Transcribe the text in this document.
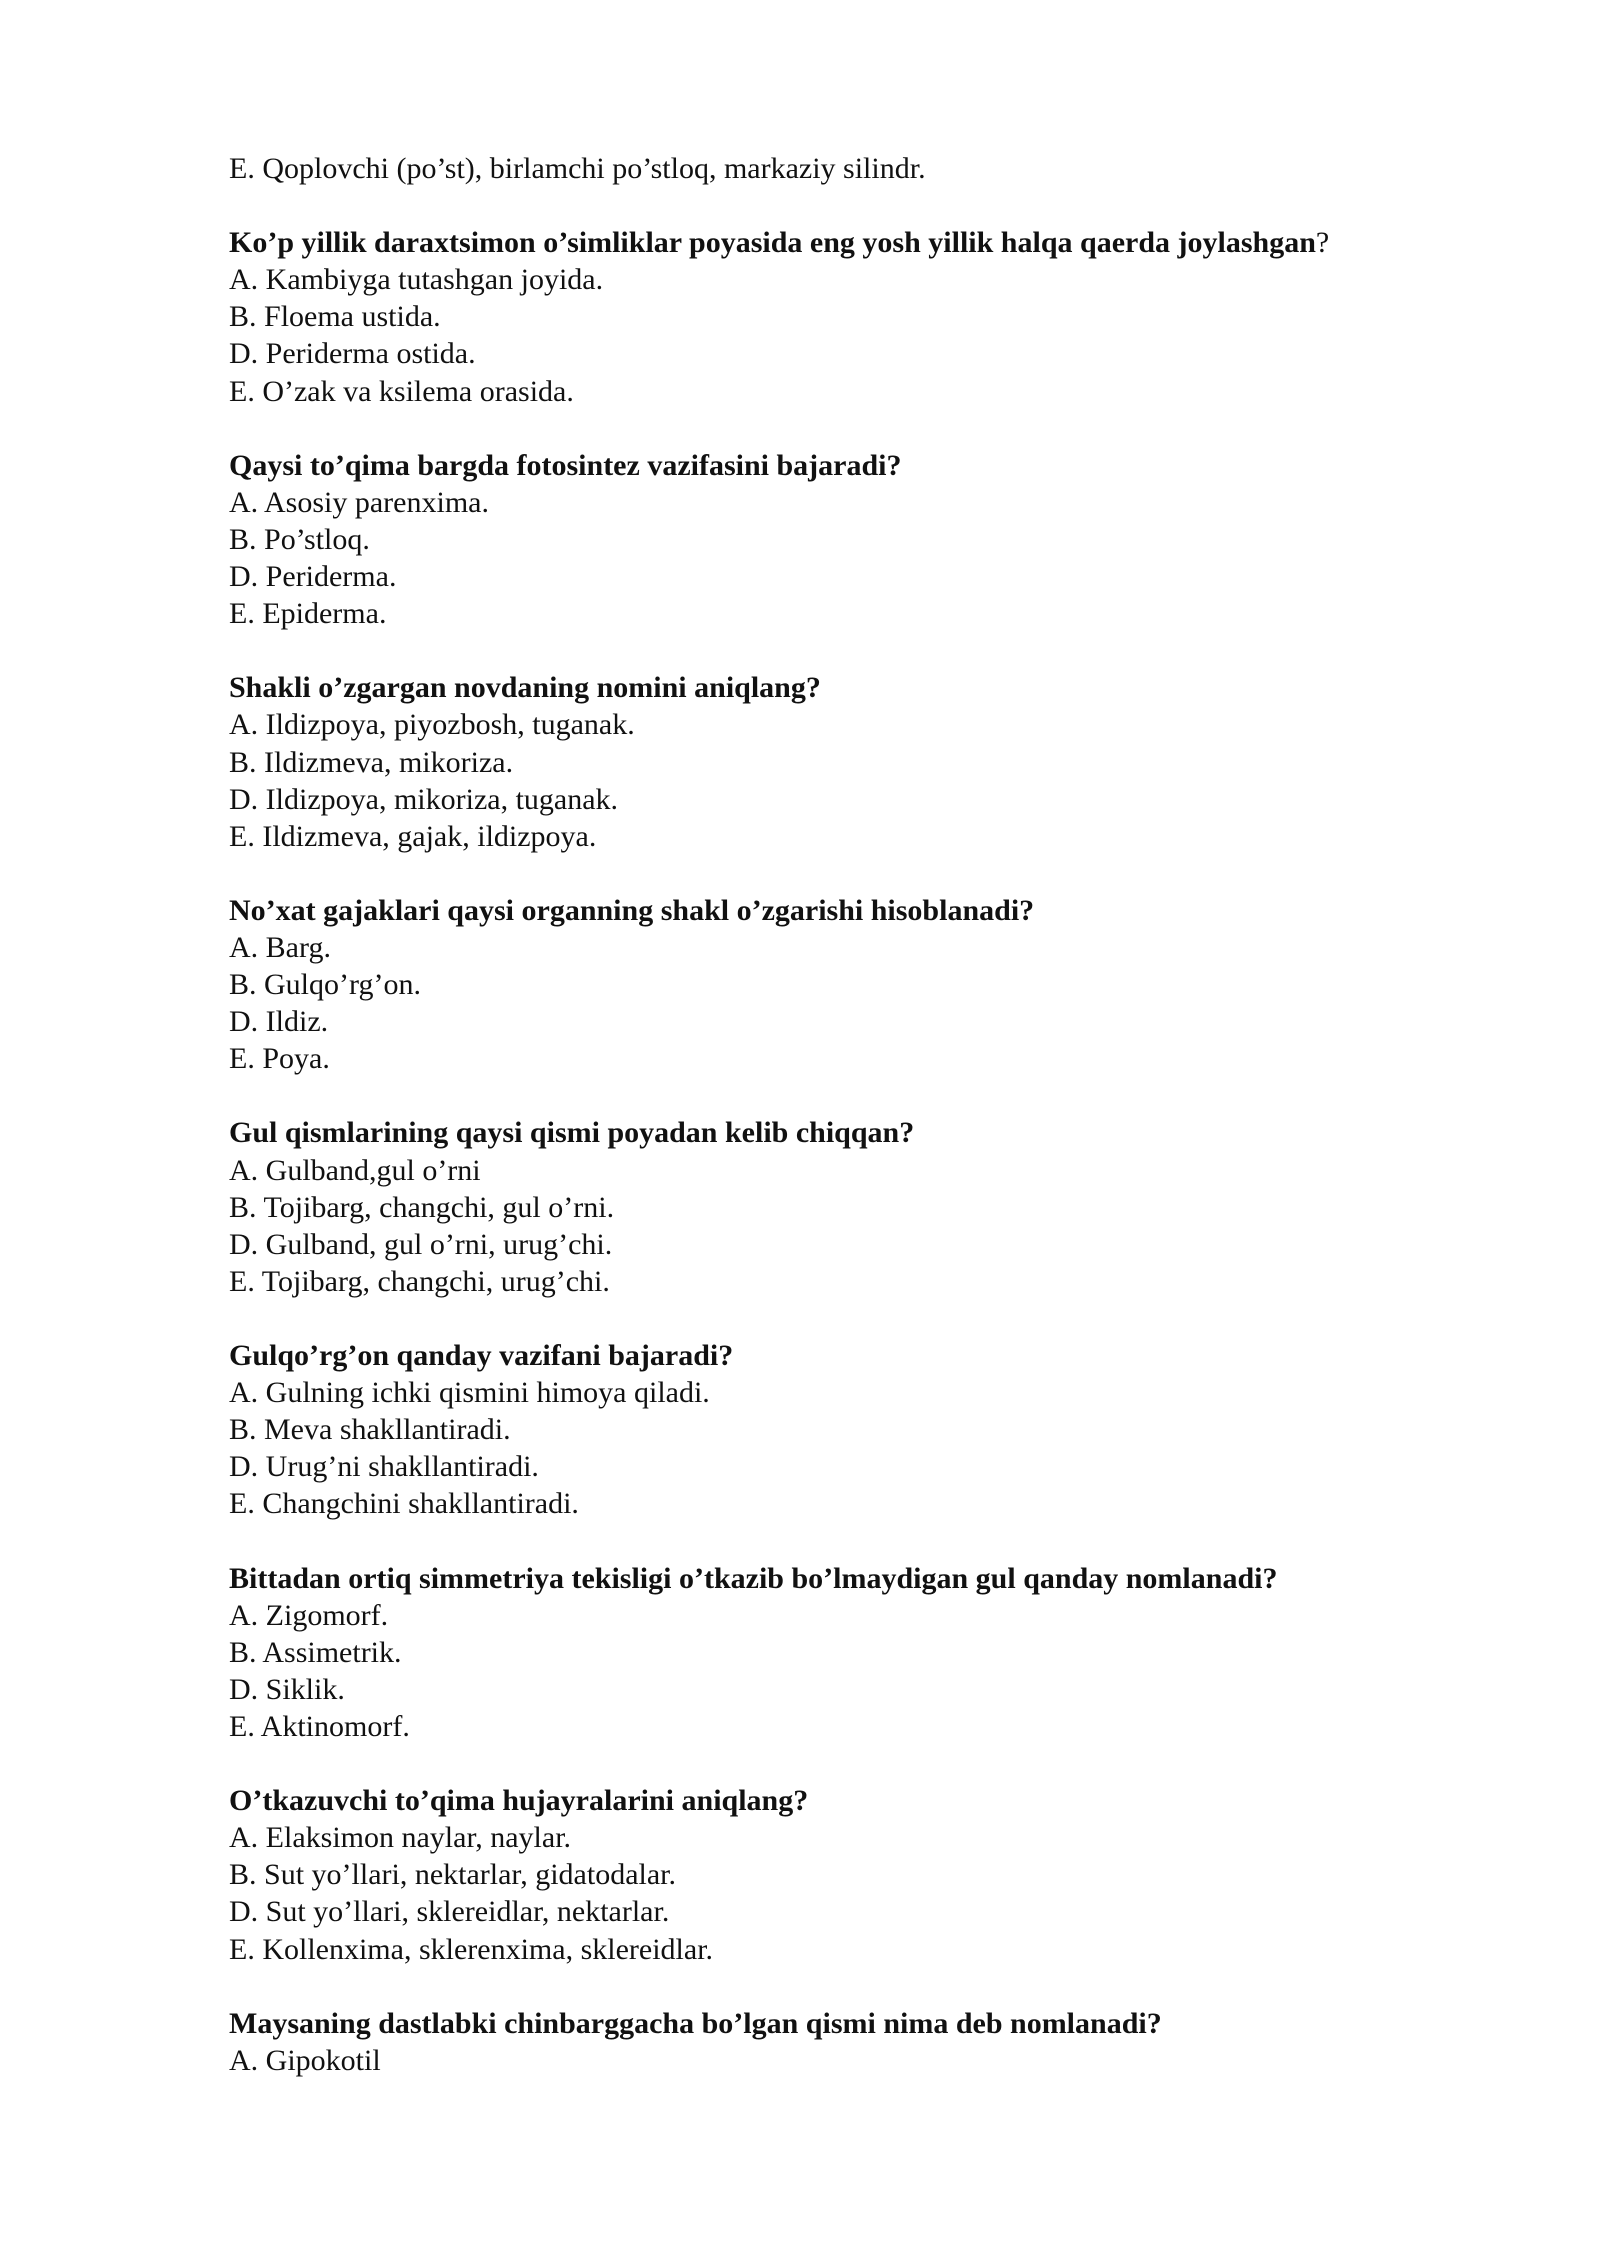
E. Qoplovchi (po’st), birlamchi po’stloq, markaziy silindr.

Ko’p yillik daraxtsimon o’simliklar poyasida eng yosh yillik halqa qaerda joylashgan?

A. Kambiyga tutashgan joyida.

B. Floema ustida.

D. Periderma ostida.

E. O’zak va ksilema orasida.

Qaysi to’qima bargda fotosintez vazifasini bajaradi?

A. Asosiy parenxima.

B. Po’stloq.

D. Periderma.

E. Epiderma.

Shakli o’zgargan novdaning nomini aniqlang?

A. Ildizpoya, piyozbosh, tuganak.

B. Ildizmeva, mikoriza.

D. Ildizpoya, mikoriza, tuganak.

E. Ildizmeva, gajak, ildizpoya.

No’xat gajaklari qaysi organning shakl o’zgarishi hisoblanadi?

A. Barg.

B. Gulqo’rg’on.

D. Ildiz.

E. Poya.

Gul qismlarining qaysi qismi poyadan kelib chiqqan?

A. Gulband,gul o’rni

B. Tojibarg, changchi, gul o’rni.

D. Gulband, gul o’rni, urug’chi.

E. Tojibarg, changchi, urug’chi.

Gulqo’rg’on qanday vazifani bajaradi?

A. Gulning ichki qismini himoya qiladi.

B. Meva shakllantiradi.

D. Urug’ni shakllantiradi.

E. Changchini shakllantiradi.

Bittadan ortiq simmetriya tekisligi o’tkazib bo’lmaydigan gul qanday nomlanadi?

A. Zigomorf.

B. Assimetrik.

D. Siklik.

E. Aktinomorf.

O’tkazuvchi to’qima hujayralarini aniqlang?

A. Elaksimon naylar, naylar.

B. Sut yo’llari, nektarlar, gidatodalar.

D. Sut yo’llari, sklereidlar, nektarlar.

E. Kollenxima, sklerenxima, sklereidlar.

Maysaning dastlabki chinbarggacha bo’lgan qismi nima deb nomlanadi?

A. Gipokotil
